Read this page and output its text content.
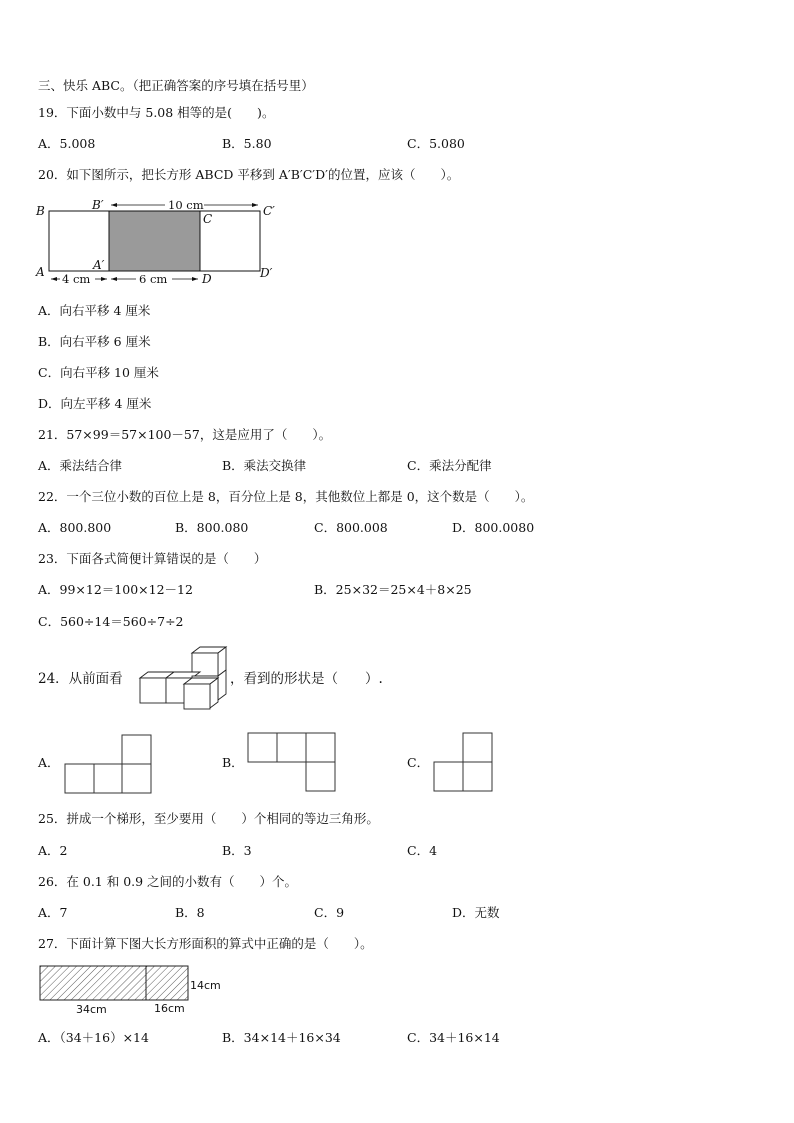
三、快乐 ABC。（把正确答案的序号填在括号里）
19．下面小数中与 5.08 相等的是(　　)。
A．5.008	B．5.80	C．5.080
20．如下图所示，把长方形 ABCD 平移到 A′B′C′D′的位置，应该（　　）。
B	B′
C
C′
A	A′
D	D′
10 cm
4 cm	6 cm
A．向右平移 4 厘米
B．向右平移 6 厘米
C．向右平移 10 厘米
D．向左平移 4 厘米
21．57×99＝57×100－57，这是应用了（　　）。
A．乘法结合律	B．乘法交换律	C．乘法分配律
22．一个三位小数的百位上是 8，百分位上是 8，其他数位上都是 0，这个数是（　　）。
A．800.800	B．800.080	C．800.008	D．800.0080
23．下面各式简便计算错误的是（　　）
A．99×12＝100×12－12	B．25×32＝25×4＋8×25
C．560÷14＝560÷7÷2
24．从前面看	，看到的形状是（　　）.
A．	B．	C．
25．拼成一个梯形，至少要用（　　）个相同的等边三角形。
A．2	B．3	C．4
26．在 0.1 和 0.9 之间的小数有（　　）个。
A．7	B．8	C．9	D．无数
27．下面计算下图大长方形面积的算式中正确的是（　　）。
14cm
34cm	16cm
A．（34＋16）×14	B．34×14＋16×34	C．34＋16×14
